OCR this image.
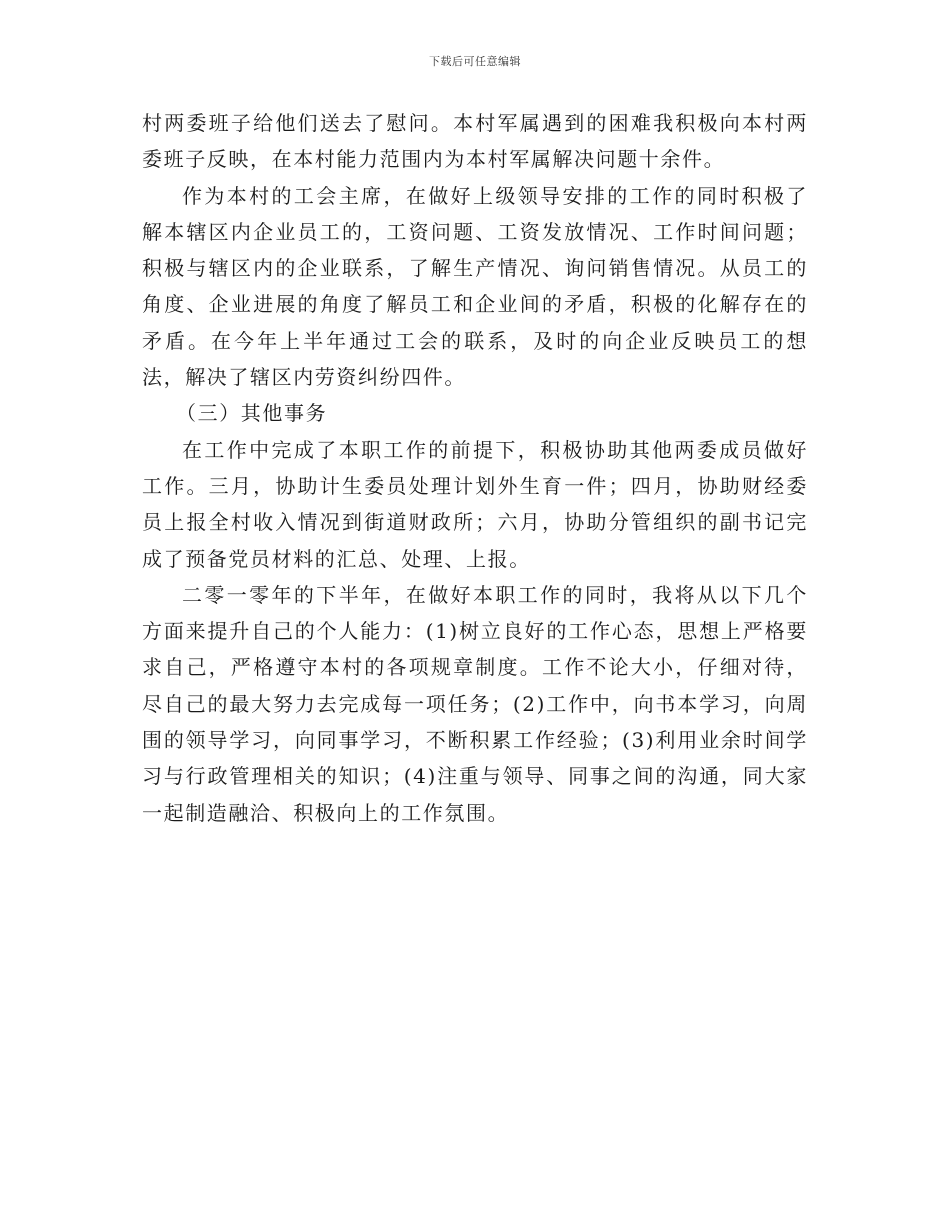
下载后可任意编辑

村两委班子给他们送去了慰问。本村军属遇到的困难我积极向本村两委班子反映，在本村能力范围内为本村军属解决问题十余件。

作为本村的工会主席，在做好上级领导安排的工作的同时积极了解本辖区内企业员工的，工资问题、工资发放情况、工作时间问题；积极与辖区内的企业联系，了解生产情况、询问销售情况。从员工的角度、企业进展的角度了解员工和企业间的矛盾，积极的化解存在的矛盾。在今年上半年通过工会的联系，及时的向企业反映员工的想法，解决了辖区内劳资纠纷四件。

（三）其他事务

在工作中完成了本职工作的前提下，积极协助其他两委成员做好工作。三月，协助计生委员处理计划外生育一件；四月，协助财经委员上报全村收入情况到街道财政所；六月，协助分管组织的副书记完成了预备党员材料的汇总、处理、上报。

二零一零年的下半年，在做好本职工作的同时，我将从以下几个方面来提升自己的个人能力：(1)树立良好的工作心态，思想上严格要求自己，严格遵守本村的各项规章制度。工作不论大小，仔细对待，尽自己的最大努力去完成每一项任务；(2)工作中，向书本学习，向周围的领导学习，向同事学习，不断积累工作经验；(3)利用业余时间学习与行政管理相关的知识；(4)注重与领导、同事之间的沟通，同大家一起制造融洽、积极向上的工作氛围。
